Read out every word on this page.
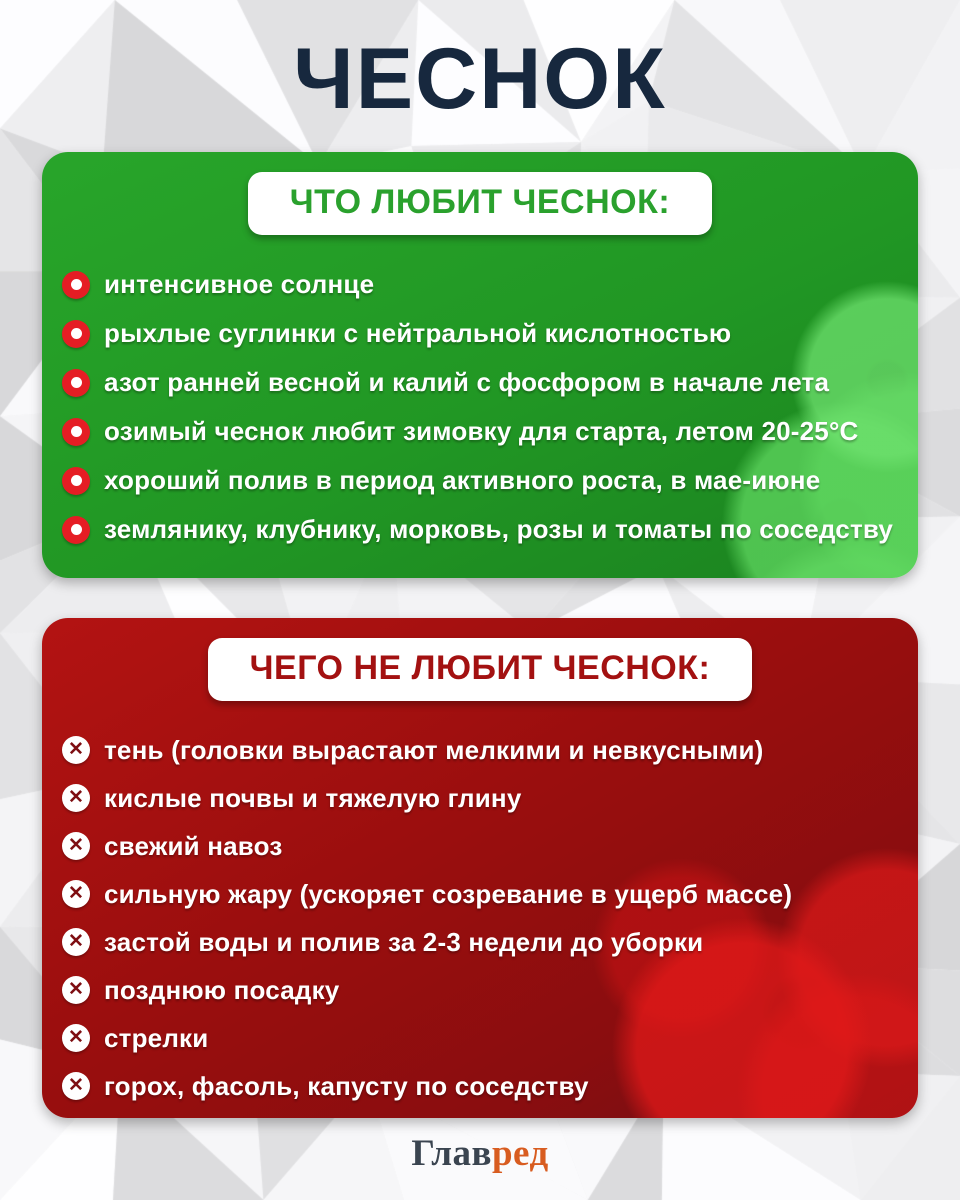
ЧЕСНОК
ЧТО ЛЮБИТ ЧЕСНОК:
интенсивное солнце
рыхлые суглинки с нейтральной кислотностью
азот ранней весной и калий с фосфором в начале лета
озимый чеснок любит зимовку для старта, летом 20-25°С
хороший полив в период активного роста, в мае-июне
землянику, клубнику, морковь, розы и томаты по соседству
ЧЕГО НЕ ЛЮБИТ ЧЕСНОК:
✕ тень (головки вырастают мелкими и невкусными)
✕ кислые почвы и тяжелую глину
✕ свежий навоз
✕ сильную жару (ускоряет созревание в ущерб массе)
✕ застой воды и полив за 2-3 недели до уборки
✕ позднюю посадку
✕ стрелки
✕ горох, фасоль, капусту по соседству
Главред
